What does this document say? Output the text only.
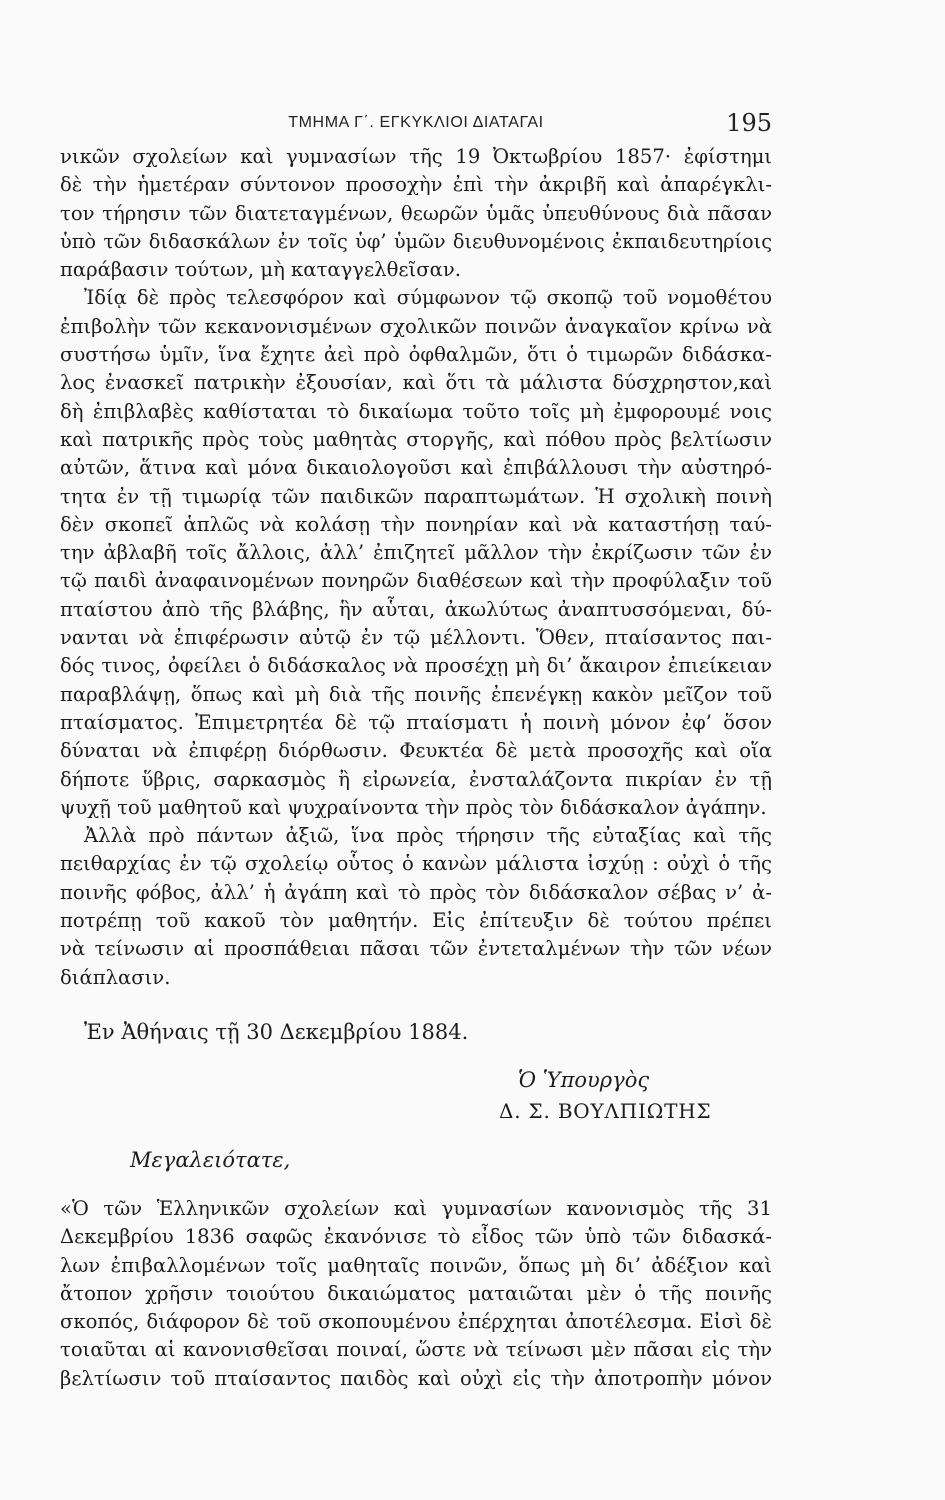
ΤΜΗΜΑ Γ΄. ΕΓΚΥΚΛΙΟΙ ΔΙΑΤΑΓΑΙ	195
νικῶν σχολείων καὶ γυμνασίων τῆς 19 Ὀκτωβρίου 1857· ἐφίστημι
δὲ τὴν ἡμετέραν σύντονον προσοχὴν ἐπὶ τὴν ἀκριβῆ καὶ ἀπαρέγκλι-
τον τήρησιν τῶν διατεταγμένων, θεωρῶν ὑμᾶς ὑπευθύνους διὰ πᾶσαν
ὑπὸ τῶν διδασκάλων ἐν τοῖς ὑφ’ ὑμῶν διευθυνομένοις ἐκπαιδευτηρίοις
παράβασιν τούτων, μὴ καταγγελθεῖσαν.
Ἰδίᾳ δὲ πρὸς τελεσφόρον καὶ σύμφωνον τῷ σκοπῷ τοῦ νομοθέτου
ἐπιβολὴν τῶν κεκανονισμένων σχολικῶν ποινῶν ἀναγκαῖον κρίνω νὰ
συστήσω ὑμῖν, ἵνα ἔχητε ἀεὶ πρὸ ὀφθαλμῶν, ὅτι ὁ τιμωρῶν διδάσκα-
λος ἐνασκεῖ πατρικὴν ἐξουσίαν, καὶ ὅτι τὰ μάλιστα δύσχρηστον,καὶ
δὴ ἐπιβλαβὲς καθίσταται τὸ δικαίωμα τοῦτο τοῖς μὴ ἐμφορουμέ νοις
καὶ πατρικῆς πρὸς τοὺς μαθητὰς στοργῆς, καὶ πόθου πρὸς βελτίωσιν
αὐτῶν, ἅτινα καὶ μόνα δικαιολογοῦσι καὶ ἐπιβάλλουσι τὴν αὐστηρό-
τητα ἐν τῇ τιμωρίᾳ τῶν παιδικῶν παραπτωμάτων. Ἡ σχολικὴ ποινὴ
δὲν σκοπεῖ ἁπλῶς νὰ κολάσῃ τὴν πονηρίαν καὶ νὰ καταστήσῃ ταύ-
την ἀβλαβῆ τοῖς ἄλλοις, ἀλλ’ ἐπιζητεῖ μᾶλλον τὴν ἐκρίζωσιν τῶν ἐν
τῷ παιδὶ ἀναφαινομένων πονηρῶν διαθέσεων καὶ τὴν προφύλαξιν τοῦ
πταίστου ἀπὸ τῆς βλάβης, ἣν αὗται, ἀκωλύτως ἀναπτυσσόμεναι, δύ-
νανται νὰ ἐπιφέρωσιν αὐτῷ ἐν τῷ μέλλοντι. Ὅθεν, πταίσαντος παι-
δός τινος, ὀφείλει ὁ διδάσκαλος νὰ προσέχῃ μὴ δι’ ἄκαιρον ἐπιείκειαν
παραβλάψῃ, ὅπως καὶ μὴ διὰ τῆς ποινῆς ἐπενέγκῃ κακὸν μεῖζον τοῦ
πταίσματος. Ἐπιμετρητέα δὲ τῷ πταίσματι ἡ ποινὴ μόνον ἐφ’ ὅσον
δύναται νὰ ἐπιφέρῃ διόρθωσιν. Φευκτέα δὲ μετὰ προσοχῆς καὶ οἵα
δήποτε ὕβρις, σαρκασμὸς ἢ εἰρωνεία, ἐνσταλάζοντα πικρίαν ἐν τῇ
ψυχῇ τοῦ μαθητοῦ καὶ ψυχραίνοντα τὴν πρὸς τὸν διδάσκαλον ἀγάπην.
Ἀλλὰ πρὸ πάντων ἀξιῶ, ἵνα πρὸς τήρησιν τῆς εὐταξίας καὶ τῆς
πειθαρχίας ἐν τῷ σχολείῳ οὗτος ὁ κανὼν μάλιστα ἰσχύῃ : οὐχὶ ὁ τῆς
ποινῆς φόβος, ἀλλ’ ἡ ἀγάπη καὶ τὸ πρὸς τὸν διδάσκαλον σέβας ν’ ἀ-
ποτρέπῃ τοῦ κακοῦ τὸν μαθητήν. Εἰς ἐπίτευξιν δὲ τούτου πρέπει
νὰ τείνωσιν αἱ προσπάθειαι πᾶσαι τῶν ἐντεταλμένων τὴν τῶν νέων
διάπλασιν.
Ἐν Ἀθήναις τῇ 30 Δεκεμβρίου 1884.
Ὁ Ὑπουργὸς
Δ. Σ. ΒΟΥΛΠΙΩΤΗΣ
Μεγαλειότατε,
«Ὁ τῶν Ἑλληνικῶν σχολείων καὶ γυμνασίων κανονισμὸς τῆς 31
Δεκεμβρίου 1836 σαφῶς ἐκανόνισε τὸ εἶδος τῶν ὑπὸ τῶν διδασκά-
λων ἐπιβαλλομένων τοῖς μαθηταῖς ποινῶν, ὅπως μὴ δι’ ἀδέξιον καὶ
ἄτοπον χρῆσιν τοιούτου δικαιώματος ματαιῶται μὲν ὁ τῆς ποινῆς
σκοπός, διάφορον δὲ τοῦ σκοπουμένου ἐπέρχηται ἀποτέλεσμα. Εἰσὶ δὲ
τοιαῦται αἱ κανονισθεῖσαι ποιναί, ὥστε νὰ τείνωσι μὲν πᾶσαι εἰς τὴν
βελτίωσιν τοῦ πταίσαντος παιδὸς καὶ οὐχὶ εἰς τὴν ἀποτροπὴν μόνον
